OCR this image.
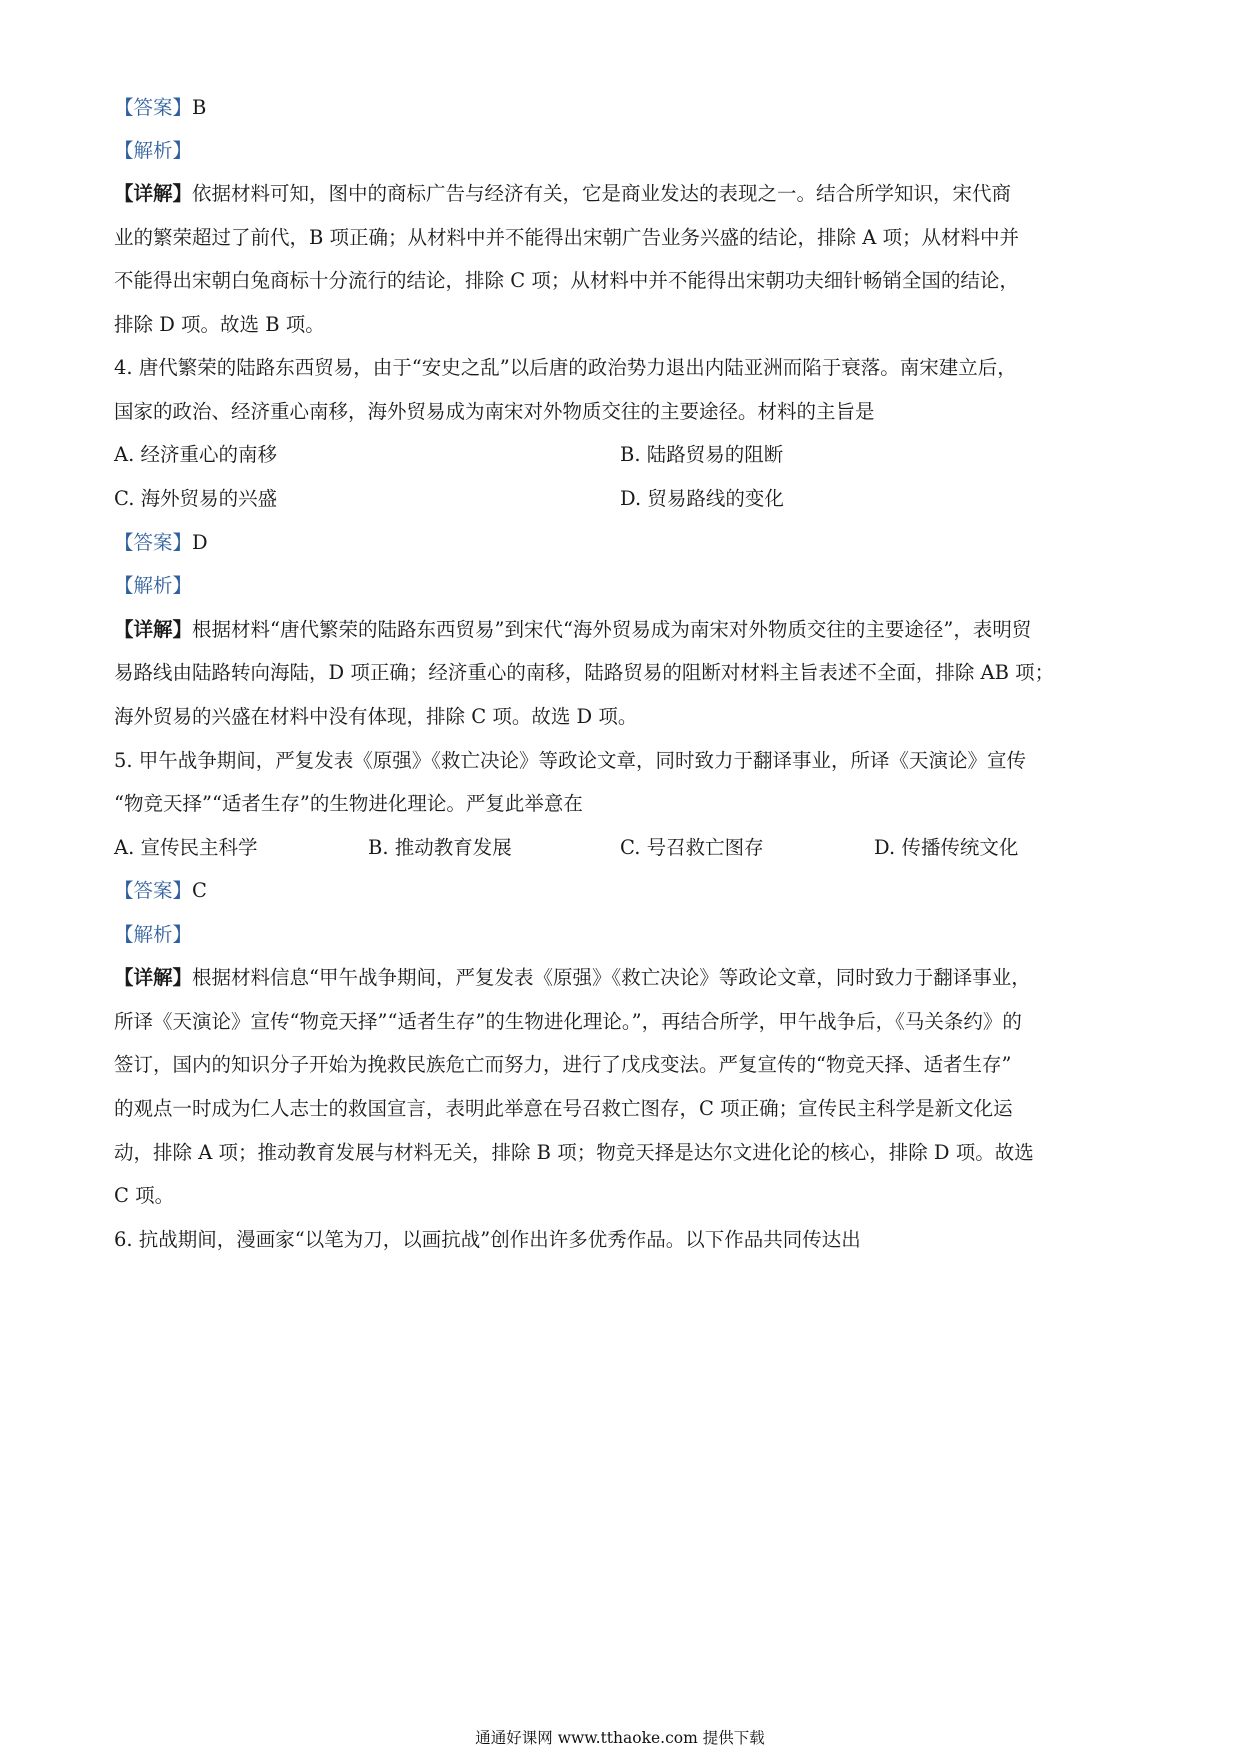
【答案】B
【解析】
【详解】依据材料可知，图中的商标广告与经济有关，它是商业发达的表现之一。结合所学知识，宋代商
业的繁荣超过了前代，B 项正确；从材料中并不能得出宋朝广告业务兴盛的结论，排除 A 项；从材料中并
不能得出宋朝白兔商标十分流行的结论，排除 C 项；从材料中并不能得出宋朝功夫细针畅销全国的结论，
排除 D 项。故选 B 项。
4. 唐代繁荣的陆路东西贸易，由于“安史之乱”以后唐的政治势力退出内陆亚洲而陷于衰落。南宋建立后，
国家的政治、经济重心南移，海外贸易成为南宋对外物质交往的主要途径。材料的主旨是
A. 经济重心的南移	B. 陆路贸易的阻断
C. 海外贸易的兴盛	D. 贸易路线的变化
【答案】D
【解析】
【详解】根据材料“唐代繁荣的陆路东西贸易”到宋代“海外贸易成为南宋对外物质交往的主要途径”，表明贸
易路线由陆路转向海陆，D 项正确；经济重心的南移，陆路贸易的阻断对材料主旨表述不全面，排除 AB 项；
海外贸易的兴盛在材料中没有体现，排除 C 项。故选 D 项。
5. 甲午战争期间，严复发表《原强》《救亡决论》等政论文章，同时致力于翻译事业，所译《天演论》宣传
“物竞天择”“适者生存”的生物进化理论。严复此举意在
A. 宣传民主科学	B. 推动教育发展	C. 号召救亡图存	D. 传播传统文化
【答案】C
【解析】
【详解】根据材料信息“甲午战争期间，严复发表《原强》《救亡决论》等政论文章，同时致力于翻译事业，
所译《天演论》宣传“物竞天择”“适者生存”的生物进化理论。”，再结合所学，甲午战争后，《马关条约》的
签订，国内的知识分子开始为挽救民族危亡而努力，进行了戊戌变法。严复宣传的“物竞天择、适者生存”
的观点一时成为仁人志士的救国宣言，表明此举意在号召救亡图存，C 项正确；宣传民主科学是新文化运
动，排除 A 项；推动教育发展与材料无关，排除 B 项；物竞天择是达尔文进化论的核心，排除 D 项。故选
C 项。
6. 抗战期间，漫画家“以笔为刀，以画抗战”创作出许多优秀作品。以下作品共同传达出
通通好课网 www.tthaoke.com 提供下载
